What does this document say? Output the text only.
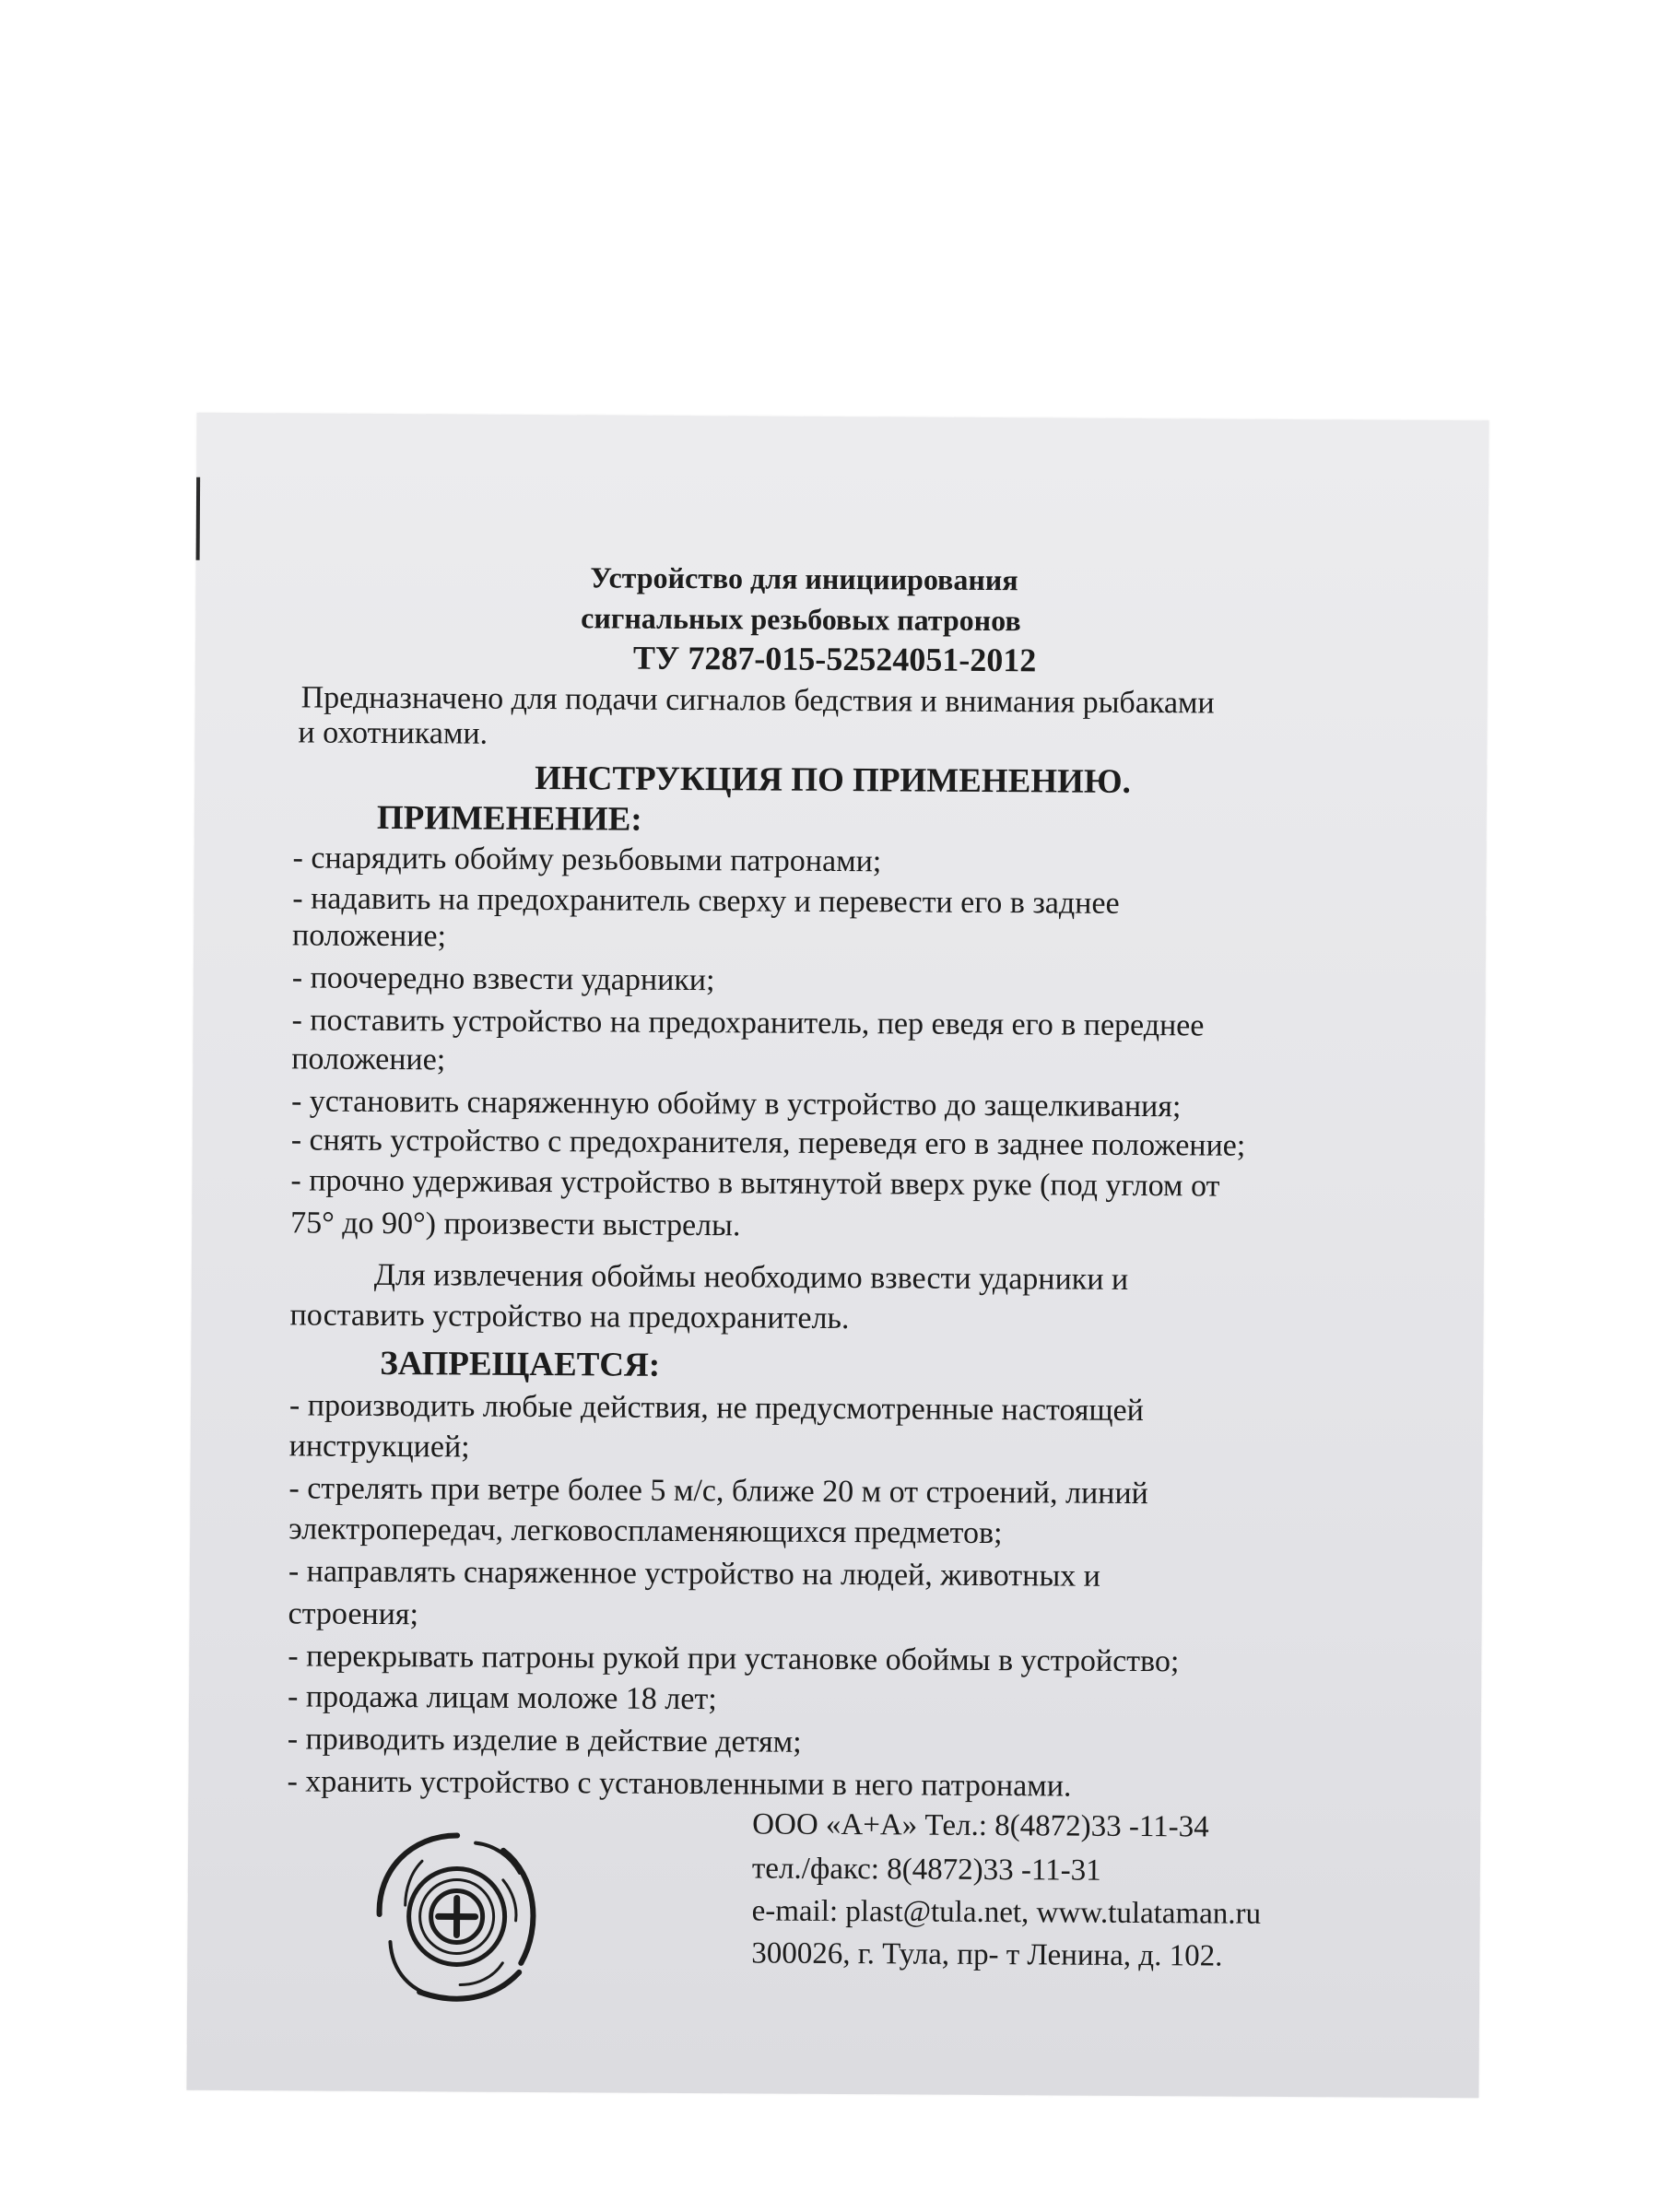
Устройство для инициирования
сигнальных резьбовых патронов
ТУ 7287-015-52524051-2012
Предназначено для подачи сигналов бедствия и внимания рыбаками
и охотниками.
ИНСТРУКЦИЯ ПО ПРИМЕНЕНИЮ.
ПРИМЕНЕНИЕ:
- снарядить обойму резьбовыми патронами;
- надавить на предохранитель сверху и перевести его в заднее
положение;
- поочередно взвести ударники;
- поставить устройство на предохранитель, пер еведя его в переднее
положение;
- установить снаряженную обойму в устройство до защелкивания;
- снять устройство с предохранителя, переведя его в заднее положение;
- прочно удерживая устройство в вытянутой вверх руке (под углом от
75° до 90°) произвести выстрелы.
Для извлечения обоймы необходимо взвести ударники и
поставить устройство на предохранитель.
ЗАПРЕЩАЕТСЯ:
- производить любые действия, не предусмотренные настоящей
инструкцией;
- стрелять при ветре более 5 м/с, ближе 20 м от строений, линий
электропередач, легковоспламеняющихся предметов;
- направлять снаряженное устройство на людей, животных и
строения;
- перекрывать патроны рукой при установке обоймы в устройство;
- продажа лицам моложе 18 лет;
- приводить изделие в действие детям;
- хранить устройство с установленными в него патронами.
ООО «А+А» Тел.: 8(4872)33 -11-34
тел./факс: 8(4872)33 -11-31
e-mail: plast@tula.net, www.tulataman.ru
300026, г. Тула, пр- т Ленина, д. 102.
